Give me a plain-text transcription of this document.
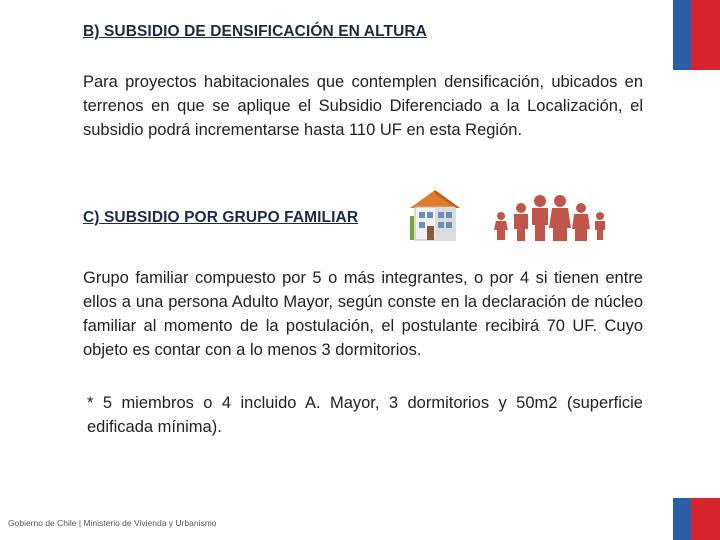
B) SUBSIDIO DE DENSIFICACIÓN EN ALTURA
Para proyectos habitacionales que contemplen densificación, ubicados en terrenos en que se aplique el Subsidio Diferenciado a la Localización, el subsidio podrá incrementarse hasta 110 UF en esta Región.
C) SUBSIDIO POR GRUPO FAMILIAR
Grupo familiar compuesto por 5 o más integrantes, o por 4 si tienen entre ellos a una persona Adulto Mayor, según conste en la declaración de núcleo familiar al momento de la postulación, el postulante recibirá 70 UF. Cuyo objeto es contar con a lo menos 3 dormitorios.
* 5 miembros o 4 incluido A. Mayor, 3 dormitorios y 50m2 (superficie edificada mínima).
Gobierno de Chile | Ministerio de Vivienda y Urbanismo
